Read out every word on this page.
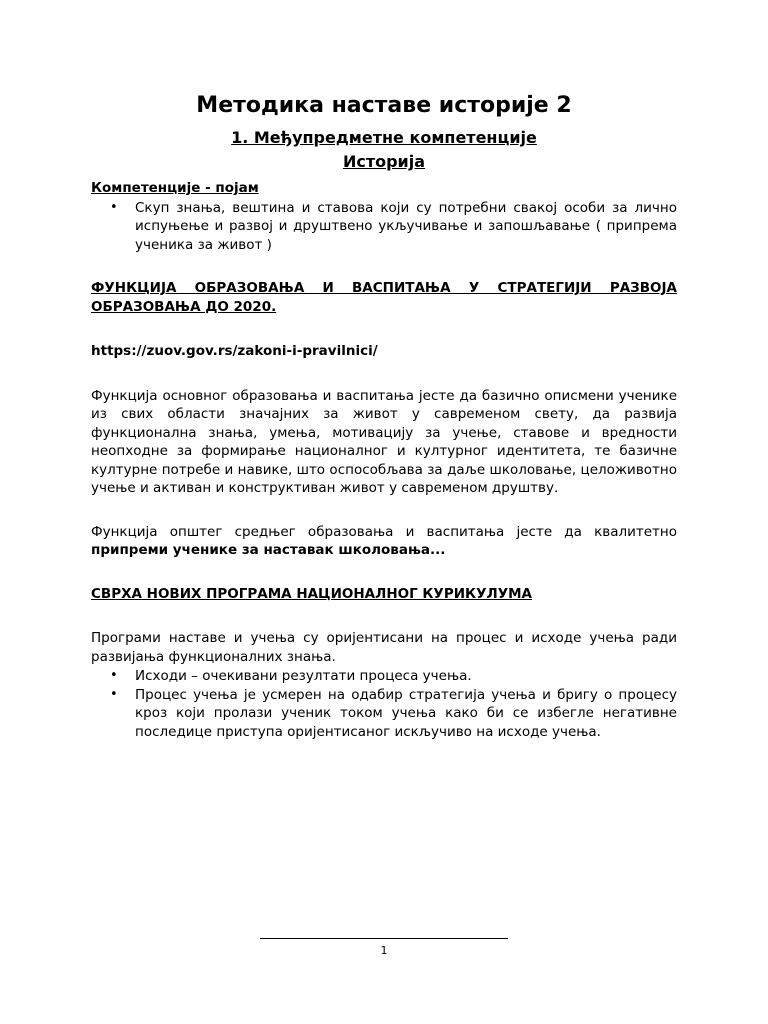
Методика наставе историје 2
1. Међупредметне компетенције
Историја

Компетенције - појам

• Скуп знања, вештина и ставова који су потребни свакој особи за лично испуњење и развој и друштвено укључивање и запошљавање ( припрема ученика за живот )

ФУНКЦИЈА ОБРАЗОВАЊА И ВАСПИТАЊА У СТРАТЕГИЈИ РАЗВОЈА ОБРАЗОВАЊА ДО 2020.

https://zuov.gov.rs/zakoni-i-pravilnici/

Функција основног образовања и васпитања јесте да базично описмени ученике из свих области значајних за живот у савременом свету, да развија функционална знања, умења, мотивацију за учење, ставове и вредности неопходне за формирање националног и културног идентитета, те базичне културне потребе и навике, што оспособљава за даље школовање, целоживотно учење и активан и конструктиван живот у савременом друштву.

Функција општег средњег образовања и васпитања јесте да квалитетно припреми ученике за наставак школовања...

СВРХА НОВИХ ПРОГРАМА НАЦИОНАЛНОГ КУРИКУЛУМА

Програми наставе и учења су оријентисани на процес и исходе учења ради развијања функционалних знања.

• Исходи – очекивани резултати процеса учења.
• Процес учења је усмерен на одабир стратегија учења и бригу о процесу кроз који пролази ученик током учења како би се избегле негативне последице приступа оријентисаног искључиво на исходе учења.
1
